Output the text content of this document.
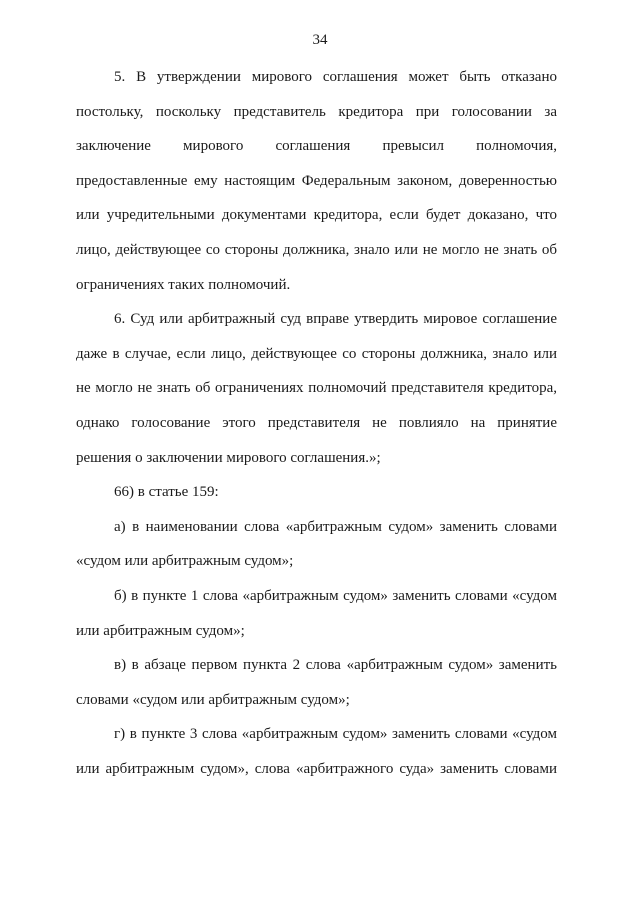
34

5. В утверждении мирового соглашения может быть отказано постольку, поскольку представитель кредитора при голосовании за заключение мирового соглашения превысил полномочия, предоставленные ему настоящим Федеральным законом, доверенностью или учредительными документами кредитора, если будет доказано, что лицо, действующее со стороны должника, знало или не могло не знать об ограничениях таких полномочий.

6. Суд или арбитражный суд вправе утвердить мировое соглашение даже в случае, если лицо, действующее со стороны должника, знало или не могло не знать об ограничениях полномочий представителя кредитора, однако голосование этого представителя не повлияло на принятие решения о заключении мирового соглашения.»;

66) в статье 159:

а) в наименовании слова «арбитражным судом» заменить словами «судом или арбитражным судом»;

б) в пункте 1 слова «арбитражным судом» заменить словами «судом или арбитражным судом»;

в) в абзаце первом пункта 2 слова «арбитражным судом» заменить словами «судом или арбитражным судом»;

г) в пункте 3 слова «арбитражным судом» заменить словами «судом или арбитражным судом», слова «арбитражного суда» заменить словами
